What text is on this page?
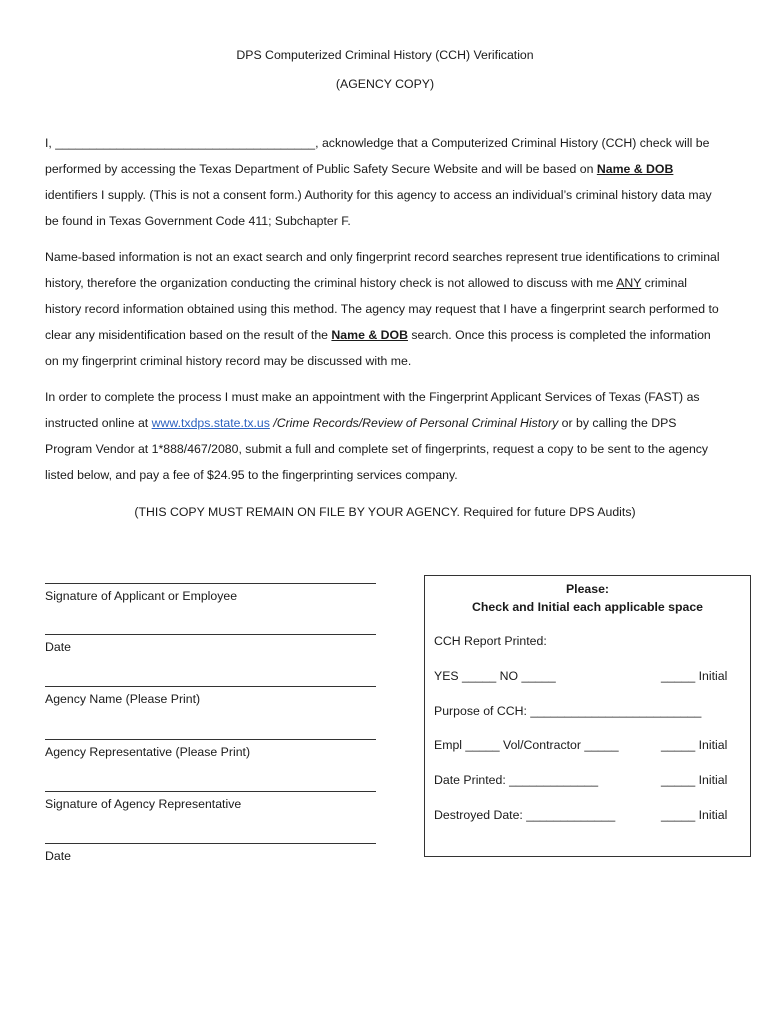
DPS Computerized Criminal History (CCH) Verification
(AGENCY COPY)
I, ______________________________________, acknowledge that a Computerized Criminal History (CCH) check will be performed by accessing the Texas Department of Public Safety Secure Website and will be based on Name & DOB identifiers I supply. (This is not a consent form.) Authority for this agency to access an individual’s criminal history data may be found in Texas Government Code 411; Subchapter F.
Name-based information is not an exact search and only fingerprint record searches represent true identifications to criminal history, therefore the organization conducting the criminal history check is not allowed to discuss with me ANY criminal history record information obtained using this method. The agency may request that I have a fingerprint search performed to clear any misidentification based on the result of the Name & DOB search. Once this process is completed the information on my fingerprint criminal history record may be discussed with me.
In order to complete the process I must make an appointment with the Fingerprint Applicant Services of Texas (FAST) as instructed online at www.txdps.state.tx.us /Crime Records/Review of Personal Criminal History or by calling the DPS Program Vendor at 1*888/467/2080, submit a full and complete set of fingerprints, request a copy to be sent to the agency listed below, and pay a fee of $24.95 to the fingerprinting services company.
(THIS COPY MUST REMAIN ON FILE BY YOUR AGENCY. Required for future DPS Audits)
Signature of Applicant or Employee
Date
Agency Name (Please Print)
Agency Representative (Please Print)
Signature of Agency Representative
Date
Please:
Check and Initial each applicable space
CCH Report Printed:
YES _____ NO _____	_____ Initial
Purpose of CCH: _________________________
Empl _____ Vol/Contractor _____	_____ Initial
Date Printed: _____________	_____ Initial
Destroyed Date: _____________	_____ Initial
